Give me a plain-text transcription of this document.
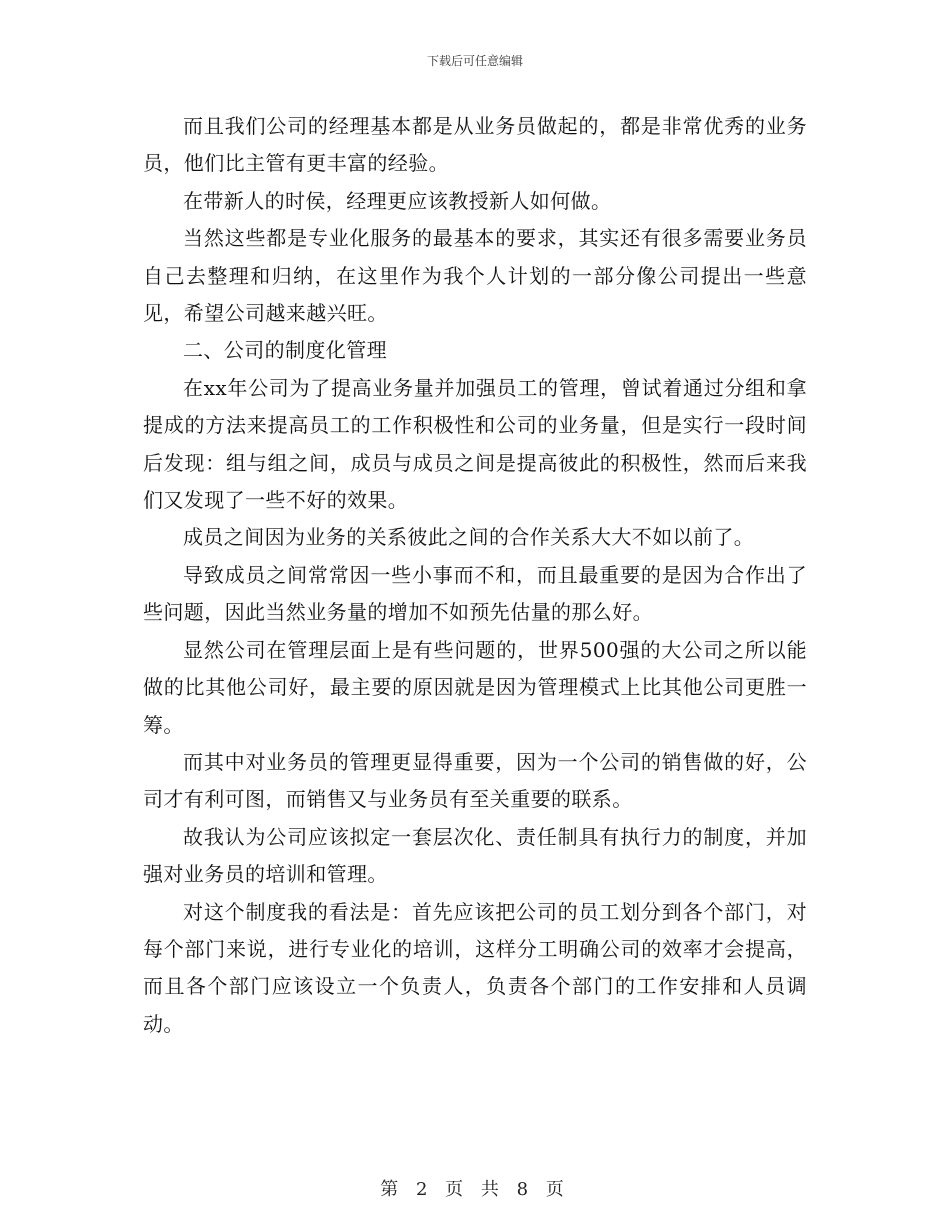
下载后可任意编辑

而且我们公司的经理基本都是从业务员做起的，都是非常优秀的业务员，他们比主管有更丰富的经验。

在带新人的时侯，经理更应该教授新人如何做。

当然这些都是专业化服务的最基本的要求，其实还有很多需要业务员自己去整理和归纳，在这里作为我个人计划的一部分像公司提出一些意见，希望公司越来越兴旺。

二、公司的制度化管理

在xx年公司为了提高业务量并加强员工的管理，曾试着通过分组和拿提成的方法来提高员工的工作积极性和公司的业务量，但是实行一段时间后发现：组与组之间，成员与成员之间是提高彼此的积极性，然而后来我们又发现了一些不好的效果。

成员之间因为业务的关系彼此之间的合作关系大大不如以前了。

导致成员之间常常因一些小事而不和，而且最重要的是因为合作出了些问题，因此当然业务量的增加不如预先估量的那么好。

显然公司在管理层面上是有些问题的，世界500强的大公司之所以能做的比其他公司好，最主要的原因就是因为管理模式上比其他公司更胜一筹。

而其中对业务员的管理更显得重要，因为一个公司的销售做的好，公司才有利可图，而销售又与业务员有至关重要的联系。

故我认为公司应该拟定一套层次化、责任制具有执行力的制度，并加强对业务员的培训和管理。

对这个制度我的看法是：首先应该把公司的员工划分到各个部门，对每个部门来说，进行专业化的培训，这样分工明确公司的效率才会提高，而且各个部门应该设立一个负责人，负责各个部门的工作安排和人员调动。

第 2 页 共 8 页
